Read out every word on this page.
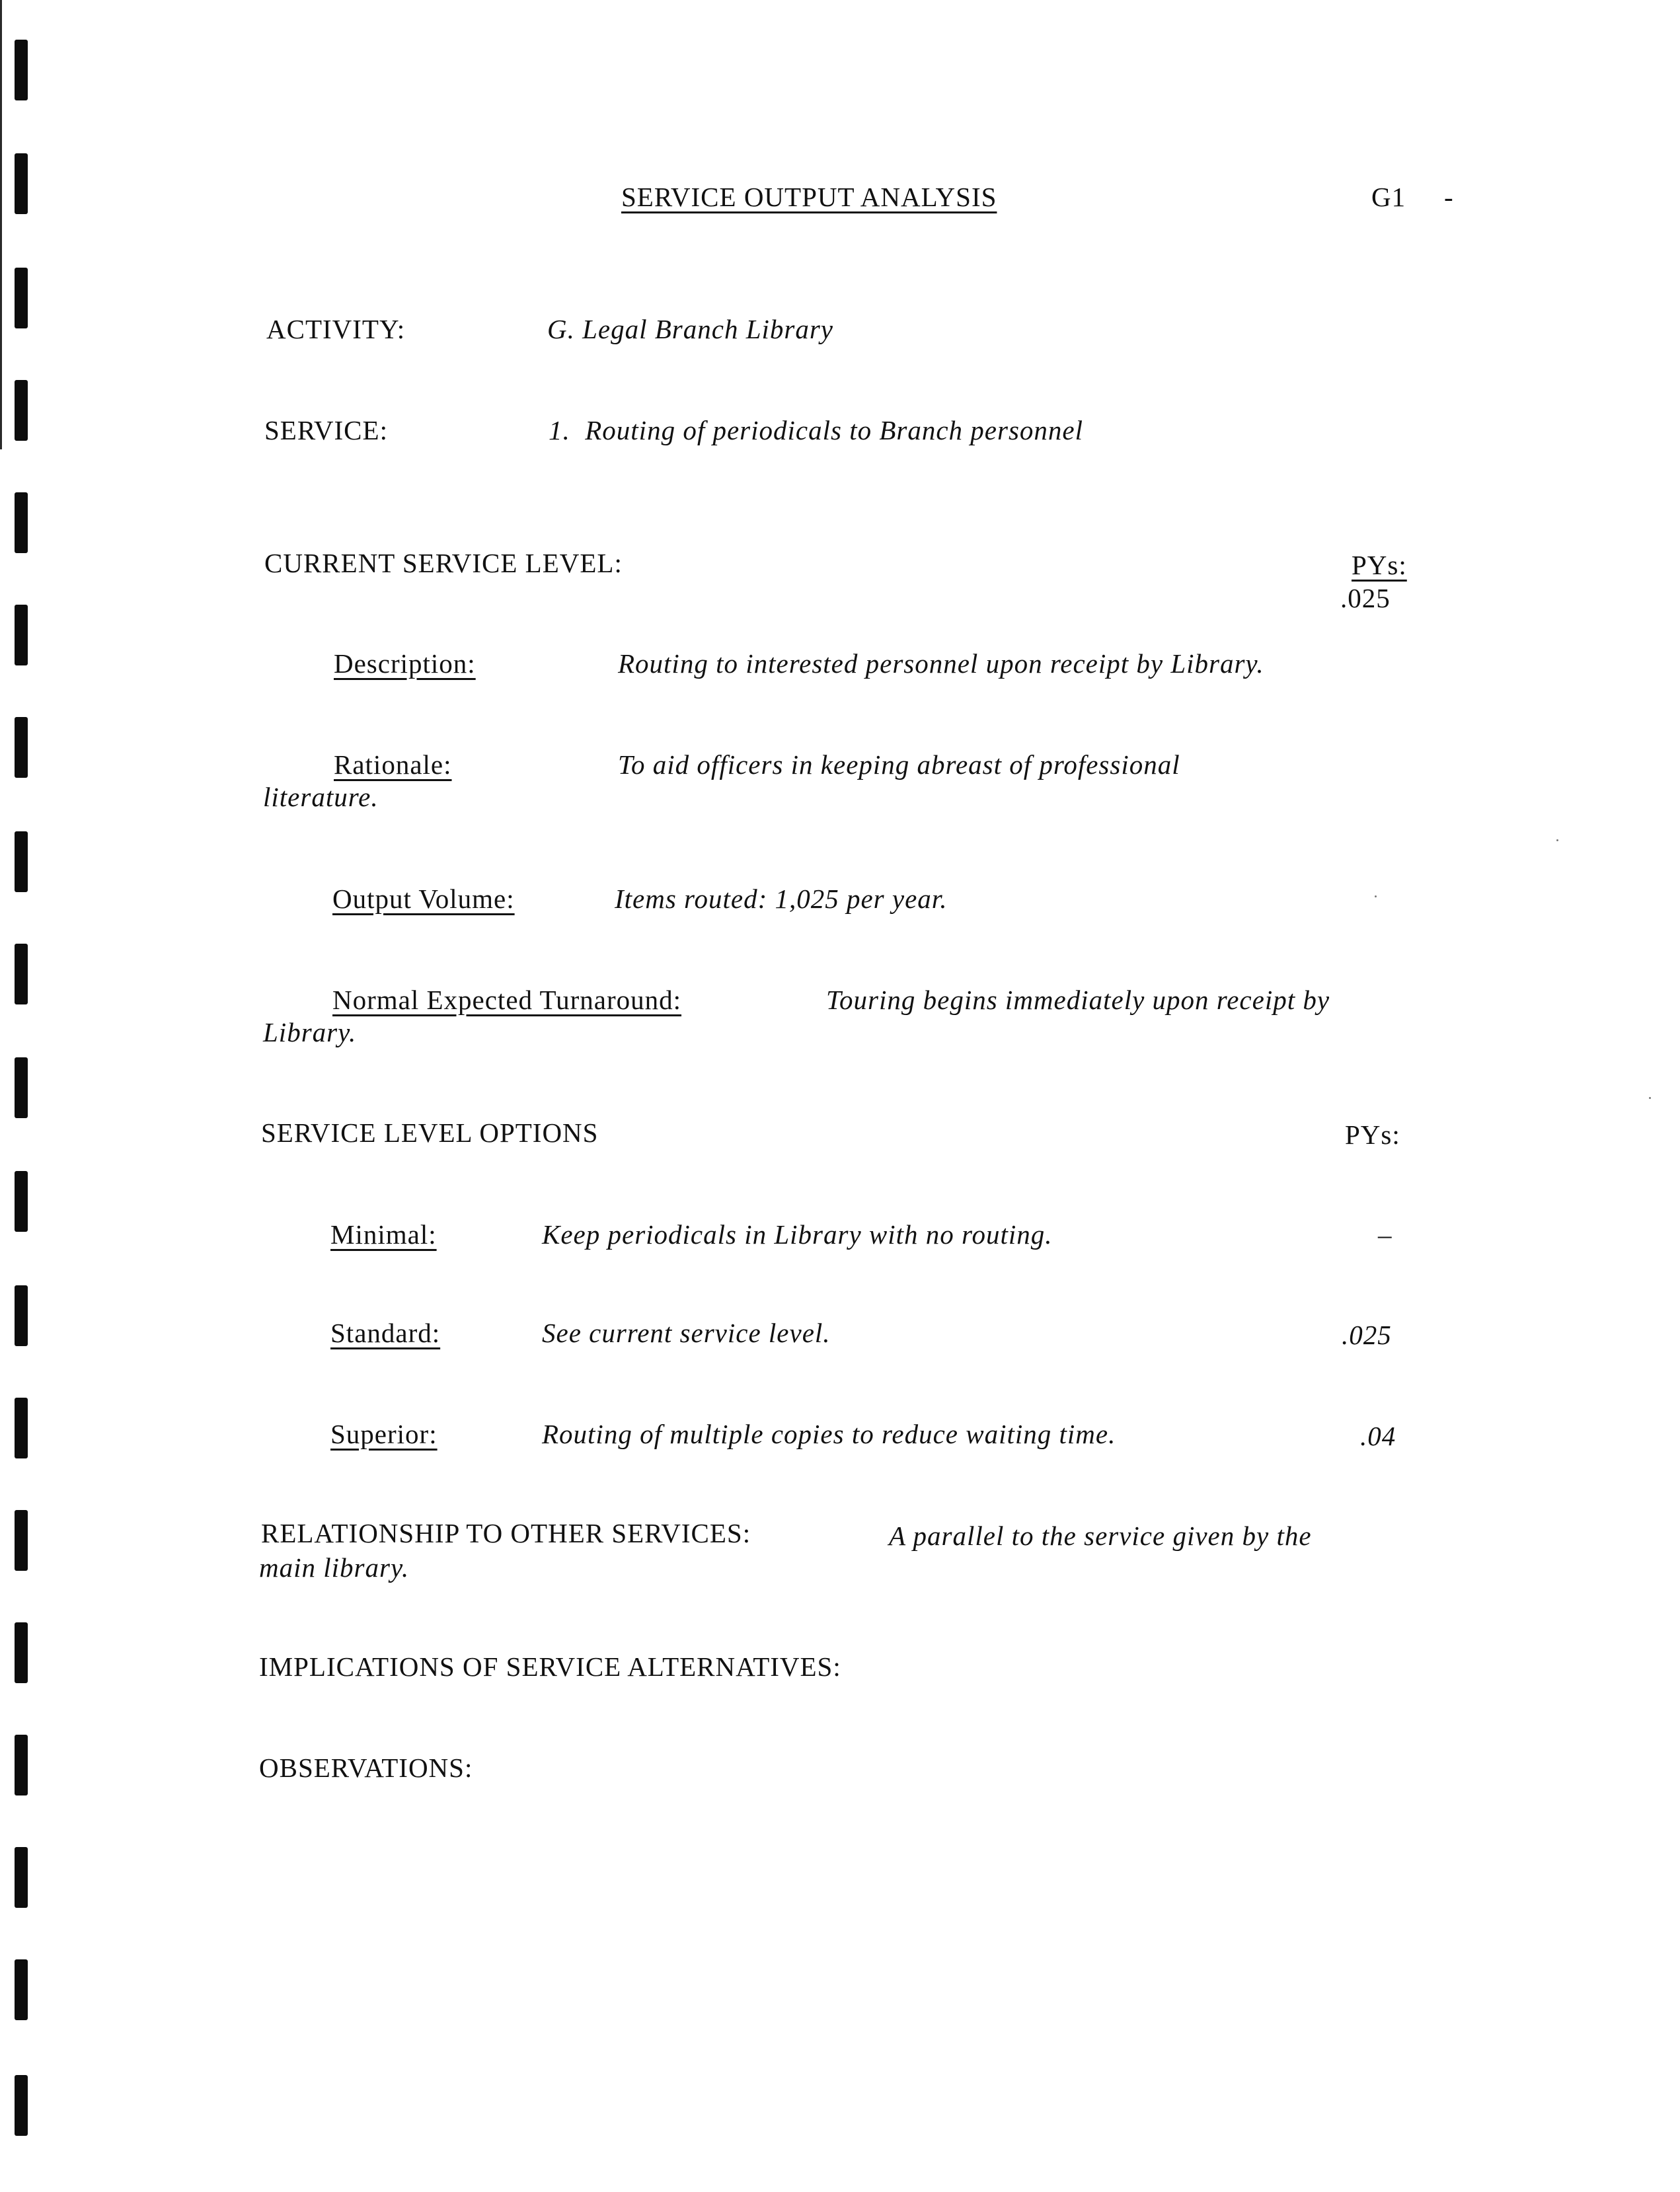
SERVICE OUTPUT ANALYSIS	G1 -
ACTIVITY:	G. Legal Branch Library
SERVICE:	1.  Routing of periodicals to Branch personnel
CURRENT SERVICE LEVEL:	PYs:
.025
Description:	Routing to interested personnel upon receipt by Library.
Rationale:	To aid officers in keeping abreast of professional
literature.
Output Volume:	Items routed: 1,025 per year.
Normal Expected Turnaround:	Touring begins immediately upon receipt by
Library.
SERVICE LEVEL OPTIONS	PYs:
Minimal:	Keep periodicals in Library with no routing.	–
Standard:	See current service level.	.025
Superior:	Routing of multiple copies to reduce waiting time.	.04
RELATIONSHIP TO OTHER SERVICES:	A parallel to the service given by the
main library.
IMPLICATIONS OF SERVICE ALTERNATIVES:
OBSERVATIONS:
